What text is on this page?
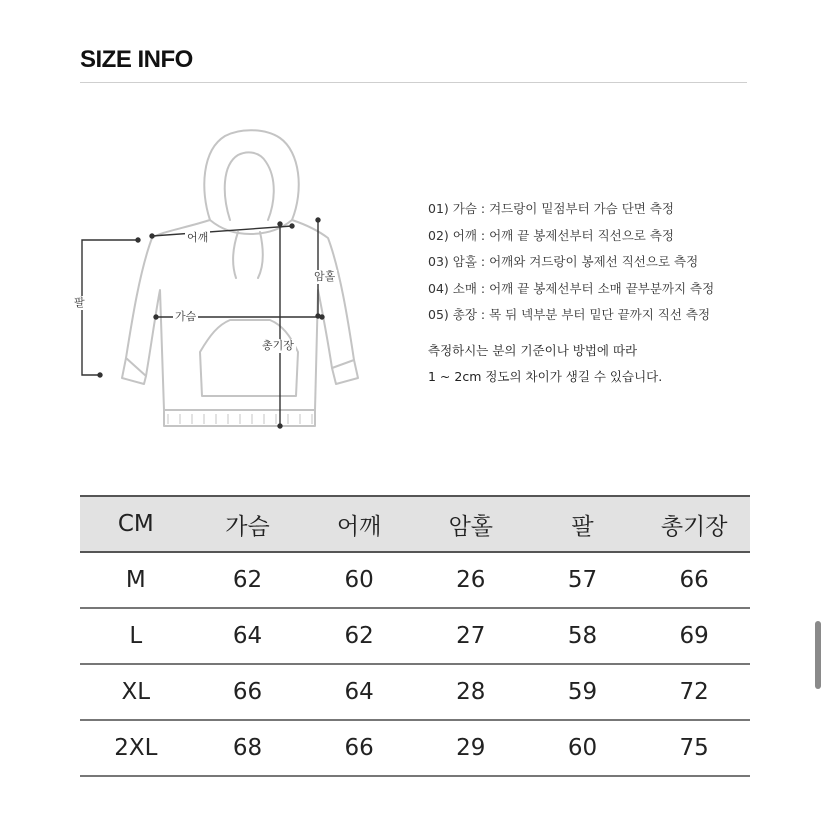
SIZE INFO
어깨
암홀
팔
가슴
총기장
01) 가슴 : 겨드랑이 밑점부터 가슴 단면 측정
02) 어깨 : 어깨 끝 봉제선부터 직선으로 측정
03) 암홀 : 어깨와 겨드랑이 봉제선 직선으로 측정
04) 소매 : 어깨 끝 봉제선부터 소매 끝부분까지 측정
05) 총장 : 목 뒤 넥부분 부터 밑단 끝까지 직선 측정
측정하시는 분의 기준이나 방법에 따라
1 ~ 2cm 정도의 차이가 생길 수 있습니다.
CM	가슴	어깨	암홀	팔	총기장
M	62	60	26	57	66
L	64	62	27	58	69
XL	66	64	28	59	72
2XL	68	66	29	60	75
